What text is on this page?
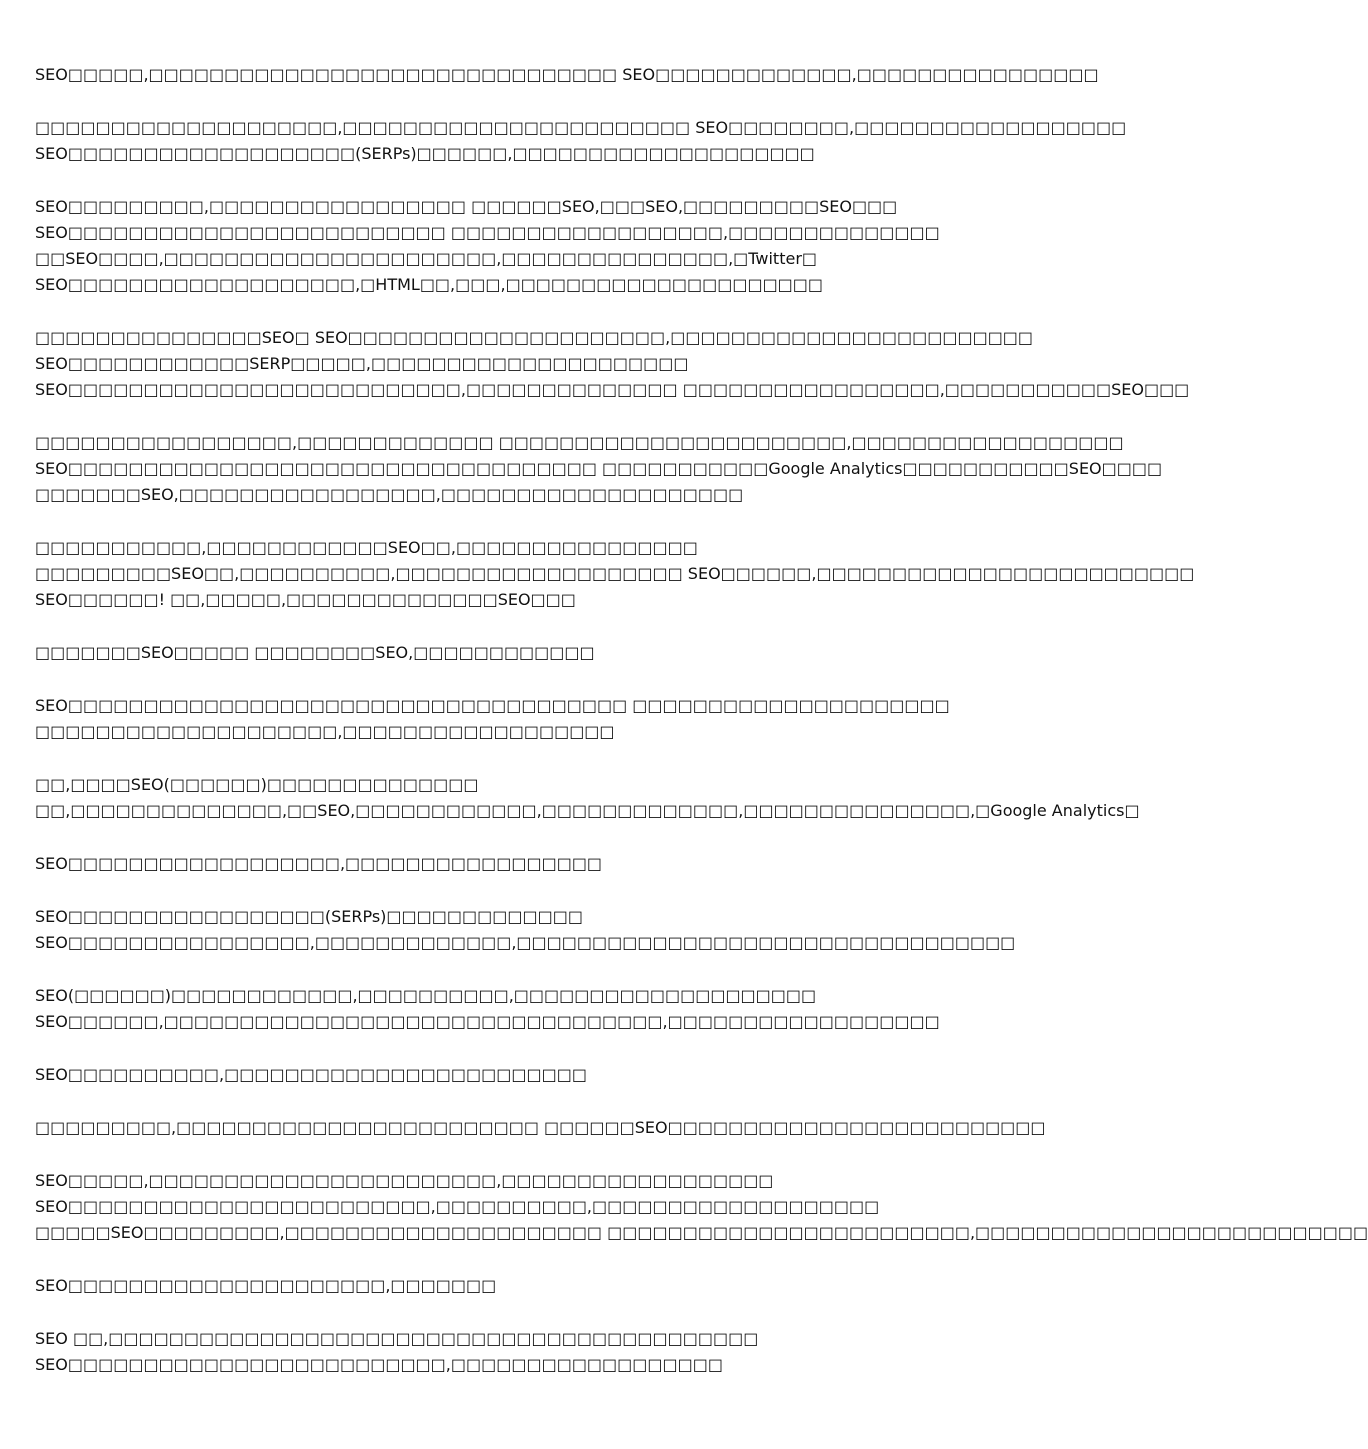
SEO□□□□□,□□□□□□□□□□□□□□□□□□□□□□□□□□□□□□□ SEO□□□□□□□□□□□□□,□□□□□□□□□□□□□□□□
□□□□□□□□□□□□□□□□□□□□,□□□□□□□□□□□□□□□□□□□□□□□ SEO□□□□□□□□,□□□□□□□□□□□□□□□□□□
SEO□□□□□□□□□□□□□□□□□□□(SERPs)□□□□□□,□□□□□□□□□□□□□□□□□□□□
SEO□□□□□□□□□,□□□□□□□□□□□□□□□□□ □□□□□□SEO,□□□SEO,□□□□□□□□□SEO□□□
SEO□□□□□□□□□□□□□□□□□□□□□□□□□ □□□□□□□□□□□□□□□□□□,□□□□□□□□□□□□□□
□□SEO□□□□,□□□□□□□□□□□□□□□□□□□□□□,□□□□□□□□□□□□□□□,□Twitter□
SEO□□□□□□□□□□□□□□□□□□□,□HTML□□,□□□,□□□□□□□□□□□□□□□□□□□□□
□□□□□□□□□□□□□□□SEO□ SEO□□□□□□□□□□□□□□□□□□□□□,□□□□□□□□□□□□□□□□□□□□□□□□
SEO□□□□□□□□□□□□SERP□□□□□,□□□□□□□□□□□□□□□□□□□□□
SEO□□□□□□□□□□□□□□□□□□□□□□□□□□,□□□□□□□□□□□□□□ □□□□□□□□□□□□□□□□□,□□□□□□□□□□□SEO□□□
□□□□□□□□□□□□□□□□□,□□□□□□□□□□□□□ □□□□□□□□□□□□□□□□□□□□□□□,□□□□□□□□□□□□□□□□□□
SEO□□□□□□□□□□□□□□□□□□□□□□□□□□□□□□□□□□□ □□□□□□□□□□□Google Analytics□□□□□□□□□□□SEO□□□□
□□□□□□□SEO,□□□□□□□□□□□□□□□□□,□□□□□□□□□□□□□□□□□□□□
□□□□□□□□□□□,□□□□□□□□□□□□SEO□□,□□□□□□□□□□□□□□□□
□□□□□□□□□SEO□□,□□□□□□□□□□,□□□□□□□□□□□□□□□□□□□ SEO□□□□□□,□□□□□□□□□□□□□□□□□□□□□□□□□
SEO□□□□□□! □□,□□□□□,□□□□□□□□□□□□□□SEO□□□
□□□□□□□SEO□□□□□ □□□□□□□□SEO,□□□□□□□□□□□□
SEO□□□□□□□□□□□□□□□□□□□□□□□□□□□□□□□□□□□□□ □□□□□□□□□□□□□□□□□□□□□
□□□□□□□□□□□□□□□□□□□□,□□□□□□□□□□□□□□□□□□
□□,□□□□SEO(□□□□□□)□□□□□□□□□□□□□□
□□,□□□□□□□□□□□□□□,□□SEO,□□□□□□□□□□□□,□□□□□□□□□□□□□,□□□□□□□□□□□□□□□,□Google Analytics□
SEO□□□□□□□□□□□□□□□□□□,□□□□□□□□□□□□□□□□□
SEO□□□□□□□□□□□□□□□□□(SERPs)□□□□□□□□□□□□□
SEO□□□□□□□□□□□□□□□□,□□□□□□□□□□□□□,□□□□□□□□□□□□□□□□□□□□□□□□□□□□□□□□□
SEO(□□□□□□)□□□□□□□□□□□□,□□□□□□□□□□,□□□□□□□□□□□□□□□□□□□□
SEO□□□□□□,□□□□□□□□□□□□□□□□□□□□□□□□□□□□□□□□□,□□□□□□□□□□□□□□□□□□
SEO□□□□□□□□□□,□□□□□□□□□□□□□□□□□□□□□□□□
□□□□□□□□□,□□□□□□□□□□□□□□□□□□□□□□□□ □□□□□□SEO□□□□□□□□□□□□□□□□□□□□□□□□□
SEO□□□□□,□□□□□□□□□□□□□□□□□□□□□□□,□□□□□□□□□□□□□□□□□□
SEO□□□□□□□□□□□□□□□□□□□□□□□□,□□□□□□□□□□,□□□□□□□□□□□□□□□□□□□
□□□□□SEO□□□□□□□□□,□□□□□□□□□□□□□□□□□□□□□ □□□□□□□□□□□□□□□□□□□□□□□□,□□□□□□□□□□□□□□□□□□□□□□□□□□
SEO□□□□□□□□□□□□□□□□□□□□□,□□□□□□□
SEO □□,□□□□□□□□□□□□□□□□□□□□□□□□□□□□□□□□□□□□□□□□□□□
SEO□□□□□□□□□□□□□□□□□□□□□□□□□,□□□□□□□□□□□□□□□□□□
